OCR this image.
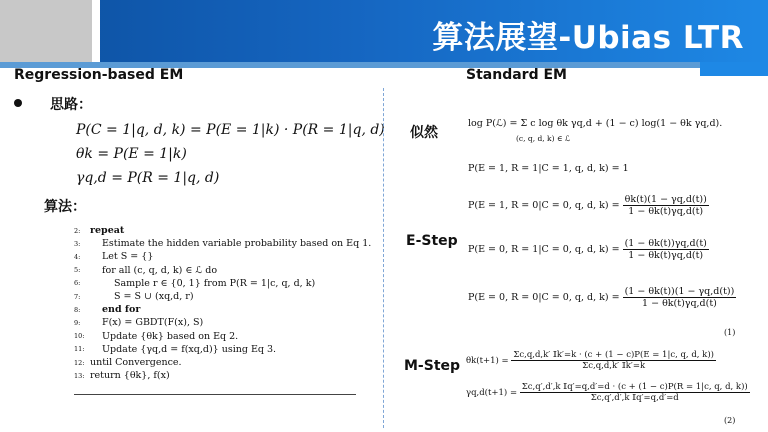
算法展望-Ubias LTR
Regression-based EM
思路：
P(C = 1|q, d, k) = P(E = 1|k) · P(R = 1|q, d)
θk = P(E = 1|k)
γq,d = P(R = 1|q, d)
算法：
2: repeat
3: Estimate the hidden variable probability based on Eq 1.
4: Let S = {}
5: for all (c, q, d, k) ∈ ℒ do
6:	Sample r ∈ {0, 1} from P(R = 1|c, q, d, k)
7:	S = S ∪ (xq,d, r)
8: end for
9: F(x) = GBDT(F(x), S)
10: Update {θk} based on Eq 2.
11: Update {γq,d = f(xq,d)} using Eq 3.
12: until Convergence.
13: return {θk}, f(x)
Standard EM
似然
log P(ℒ) = Σ c log θk γq,d + (1 − c) log(1 − θk γq,d).
(c, q, d, k) ∈ ℒ
P(E = 1, R = 1|C = 1, q, d, k) = 1
P(E = 1, R = 0|C = 0, q, d, $k) = \frac{\theta k(t)(1 - \gamma q,d(t))}{1 - \theta k(t)\gamma q,d(t)}$
E-Step
P(E = 0, R = 1|C = 0, q, d, $k) = \frac{(1 - \theta k(t))\gamma q,d(t)}{1 - \theta k(t)\gamma q,d(t)}$
P(E = 0, R = 0|C = 0, q, d, $k) = \frac{(1 - \theta k(t))(1 - \gamma q,d(t))}{1 - \theta k(t)\gamma q,d(t)}$
(1)
M-Step $\theta k(t+1) = \frac{\text{Σc,q,d,k′ 𝕀k′=k · (c + (1 − c)P(E = 1|c, q, d, k))}}{\text{Σc,q,d,k′ 𝕀k′=k}}$
$\gamma q,d(t+1) = \frac{\text{Σc,q′,d′,k 𝕀q′=q,d′=d · (c + (1 − c)P(R = 1|c, q, d, k))}}{\text{Σc,q′,d′,k 𝕀q′=q,d′=d}}$
(2)
